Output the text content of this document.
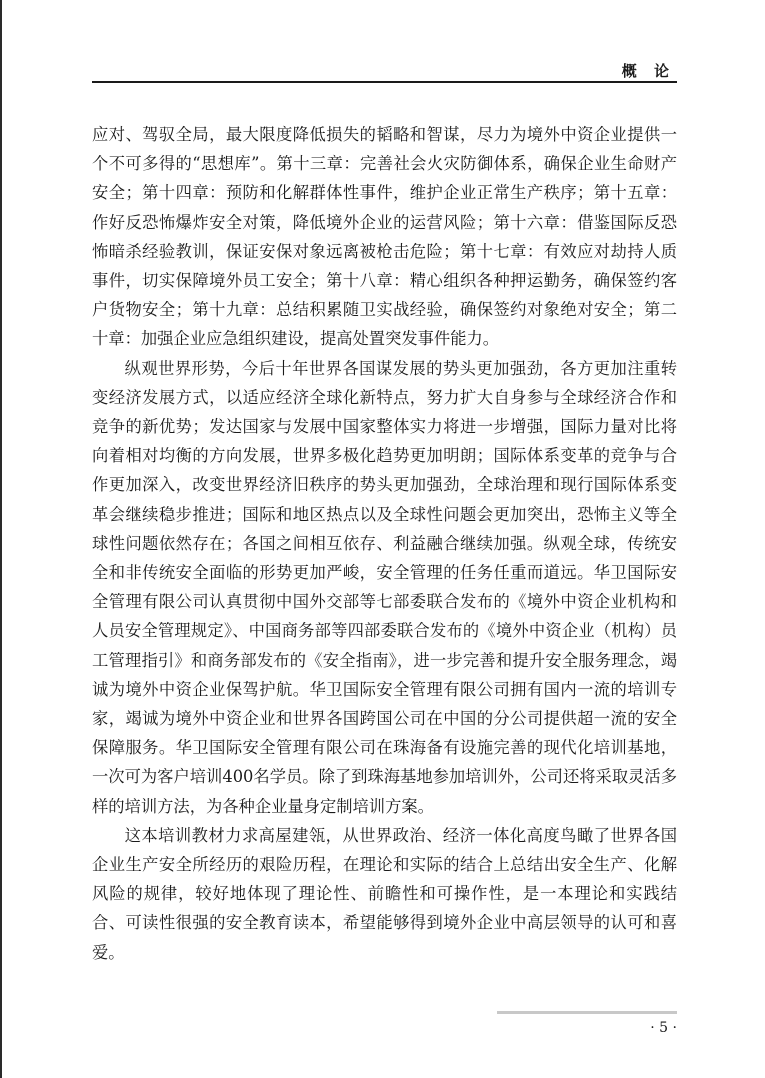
概 论

应对、驾驭全局，最大限度降低损失的韬略和智谋，尽力为境外中资企业提供一个不可多得的“思想库”。第十三章：完善社会火灾防御体系，确保企业生命财产安全；第十四章：预防和化解群体性事件，维护企业正常生产秩序；第十五章：作好反恐怖爆炸安全对策，降低境外企业的运营风险；第十六章：借鉴国际反恐怖暗杀经验教训，保证安保对象远离被枪击危险；第十七章：有效应对劫持人质事件，切实保障境外员工安全；第十八章：精心组织各种押运勤务，确保签约客户货物安全；第十九章：总结积累随卫实战经验，确保签约对象绝对安全；第二十章：加强企业应急组织建设，提高处置突发事件能力。

纵观世界形势，今后十年世界各国谋发展的势头更加强劲，各方更加注重转变经济发展方式，以适应经济全球化新特点，努力扩大自身参与全球经济合作和竞争的新优势；发达国家与发展中国家整体实力将进一步增强，国际力量对比将向着相对均衡的方向发展，世界多极化趋势更加明朗；国际体系变革的竞争与合作更加深入，改变世界经济旧秩序的势头更加强劲，全球治理和现行国际体系变革会继续稳步推进；国际和地区热点以及全球性问题会更加突出，恐怖主义等全球性问题依然存在；各国之间相互依存、利益融合继续加强。纵观全球，传统安全和非传统安全面临的形势更加严峻，安全管理的任务任重而道远。华卫国际安全管理有限公司认真贯彻中国外交部等七部委联合发布的《境外中资企业机构和人员安全管理规定》、中国商务部等四部委联合发布的《境外中资企业（机构）员工管理指引》和商务部发布的《安全指南》，进一步完善和提升安全服务理念，竭诚为境外中资企业保驾护航。华卫国际安全管理有限公司拥有国内一流的培训专家，竭诚为境外中资企业和世界各国跨国公司在中国的分公司提供超一流的安全保障服务。华卫国际安全管理有限公司在珠海备有设施完善的现代化培训基地，一次可为客户培训400名学员。除了到珠海基地参加培训外，公司还将采取灵活多样的培训方法，为各种企业量身定制培训方案。

这本培训教材力求高屋建瓴，从世界政治、经济一体化高度鸟瞰了世界各国企业生产安全所经历的艰险历程，在理论和实际的结合上总结出安全生产、化解风险的规律，较好地体现了理论性、前瞻性和可操作性，是一本理论和实践结合、可读性很强的安全教育读本，希望能够得到境外企业中高层领导的认可和喜爱。

· 5 ·
